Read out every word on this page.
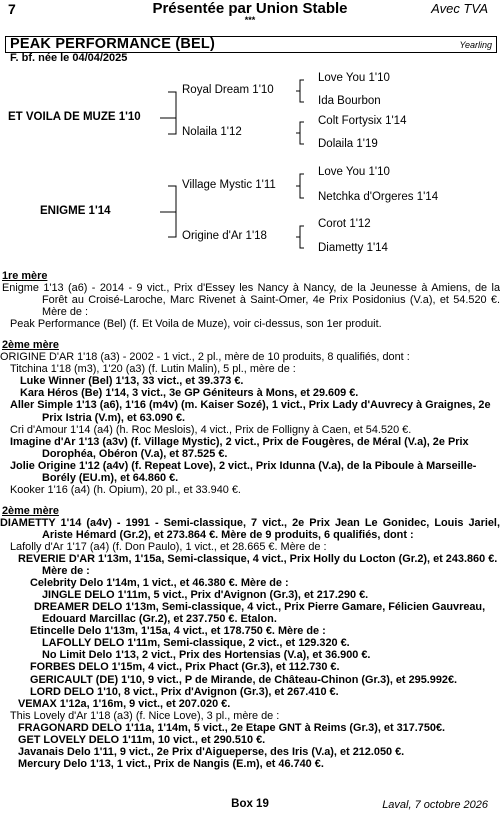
7	Présentée par Union Stable	Avec TVA
***
PEAK PERFORMANCE (BEL)	Yearling
F. bf. née le 04/04/2025
ET VOILA DE MUZE 1'10
ENIGME 1'14
Royal Dream 1'10
Nolaila 1'12
Village Mystic 1'11
Origine d'Ar 1'18
Love You 1'10
Ida Bourbon
Colt Fortysix 1'14
Dolaila 1'19
Love You 1'10
Netchka d'Orgeres 1'14
Corot 1'12
Diametty 1'14

1re mère

Enigme 1'13 (a6) - 2014 - 9 vict., Prix d'Essey les Nancy à Nancy, de la Jeunesse à Amiens, de la Forêt au Croisé-Laroche, Marc Rivenet à Saint-Omer, 4e Prix Posidonius (V.a), et 54.520 €. Mère de :

Peak Performance (Bel) (f. Et Voila de Muze), voir ci-dessus, son 1er produit.

2ème mère

ORIGINE D'AR 1'18 (a3) - 2002 - 1 vict., 2 pl., mère de 10 produits, 8 qualifiés, dont :

Titchina 1'18 (m3), 1'20 (a3) (f. Lutin Malin), 5 pl., mère de :

Luke Winner (Bel) 1'13, 33 vict., et 39.373 €.

Kara Héros (Be) 1'14, 3 vict., 3e GP Géniteurs à Mons, et 29.609 €.

Aller Simple 1'13 (a6), 1'16 (m4v) (m. Kaiser Sozé), 1 vict., Prix Lady d'Auvrecy à Graignes, 2e Prix Istria (V.m), et 63.090 €.

Cri d'Amour 1'14 (a4) (h. Roc Meslois), 4 vict., Prix de Folligny à Caen, et 54.520 €.

Imagine d'Ar 1'13 (a3v) (f. Village Mystic), 2 vict., Prix de Fougères, de Méral (V.a), 2e Prix Dorophéa, Obéron (V.a), et 87.525 €.

Jolie Origine 1'12 (a4v) (f. Repeat Love), 2 vict., Prix Idunna (V.a), de la Piboule à Marseille-Borély (EU.m), et 64.860 €.

Kooker 1'16 (a4) (h. Opium), 20 pl., et 33.940 €.

2ème mère

DIAMETTY 1'14 (a4v) - 1991 - Semi-classique, 7 vict., 2e Prix Jean Le Gonidec, Louis Jariel, Ariste Hémard (Gr.2), et 273.864 €. Mère de 9 produits, 6 qualifiés, dont :

Lafolly d'Ar 1'17 (a4) (f. Don Paulo), 1 vict., et 28.665 €. Mère de :

REVERIE D'AR 1'13m, 1'15a, Semi-classique, 4 vict., Prix Holly du Locton (Gr.2), et 243.860 €. Mère de :

Celebrity Delo 1'14m, 1 vict., et 46.380 €. Mère de :

JINGLE DELO 1'11m, 5 vict., Prix d'Avignon (Gr.3), et 217.290 €.

DREAMER DELO 1'13m, Semi-classique, 4 vict., Prix Pierre Gamare, Félicien Gauvreau, Edouard Marcillac (Gr.2), et 237.750 €. Etalon.

Etincelle Delo 1'13m, 1'15a, 4 vict., et 178.750 €. Mère de :

LAFOLLY DELO 1'11m, Semi-classique, 2 vict., et 129.320 €.

No Limit Delo 1'13, 2 vict., Prix des Hortensias (V.a), et 36.900 €.

FORBES DELO 1'15m, 4 vict., Prix Phact (Gr.3), et 112.730 €.

GERICAULT (DE) 1'10, 9 vict., P de Mirande, de Château-Chinon (Gr.3), et 295.992€.

LORD DELO 1'10, 8 vict., Prix d'Avignon (Gr.3), et 267.410 €.

VEMAX 1'12a, 1'16m, 9 vict., et 207.020 €.

This Lovely d'Ar 1'18 (a3) (f. Nice Love), 3 pl., mère de :

FRAGONARD DELO 1'11a, 1'14m, 5 vict., 2e Etape GNT à Reims (Gr.3), et 317.750€.

GET LOVELY DELO 1'11m, 10 vict., et 290.510 €.

Javanais Delo 1'11, 9 vict., 2e Prix d'Aigueperse, des Iris (V.a), et 212.050 €.

Mercury Delo 1'13, 1 vict., Prix de Nangis (E.m), et 46.740 €.

Box 19	Laval, 7 octobre 2026
